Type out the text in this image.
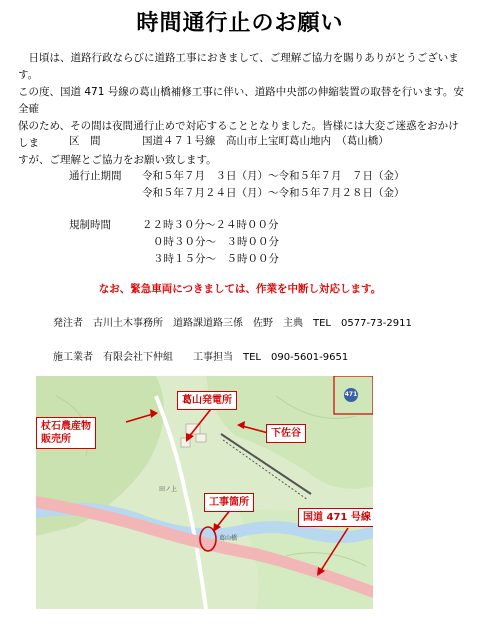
時間通行止のお願い

　日頃は、道路行政ならびに道路工事におきまして、ご理解ご協力を賜りありがとうございます。

この度、国道 471 号線の葛山橋補修工事に伴い、道路中央部の伸縮装置の取替を行います。安全確

保のため、その間は夜間通行止めで対応することとなりました。皆様には大変ご迷惑をおかけしま

すが、ご理解とご協力をお願い致します。

区　間	国道４７１号線　高山市上宝町葛山地内　（葛山橋）
通行止期間 令和５年７月　３日（月）～令和５年７月　７日（金）
令和５年７月２４日（月）～令和５年７月２８日（金）
規制時間	２２時３０分～２４時００分
０時３０分～　３時００分
３時１５分～　５時００分
なお、緊急車両につきましては、作業を中断し対応します。
発注者　古川土木事務所　道路課道路三係　佐野　主典　TEL　0577-73-2911
施工業者　有限会社下仲組　　工事担当　TEL　090-5601-9651
471
葛山発電所
下佐谷
杖石農産物
販売所
工事箇所
国道 471 号線
葛山橋
田ノ上
